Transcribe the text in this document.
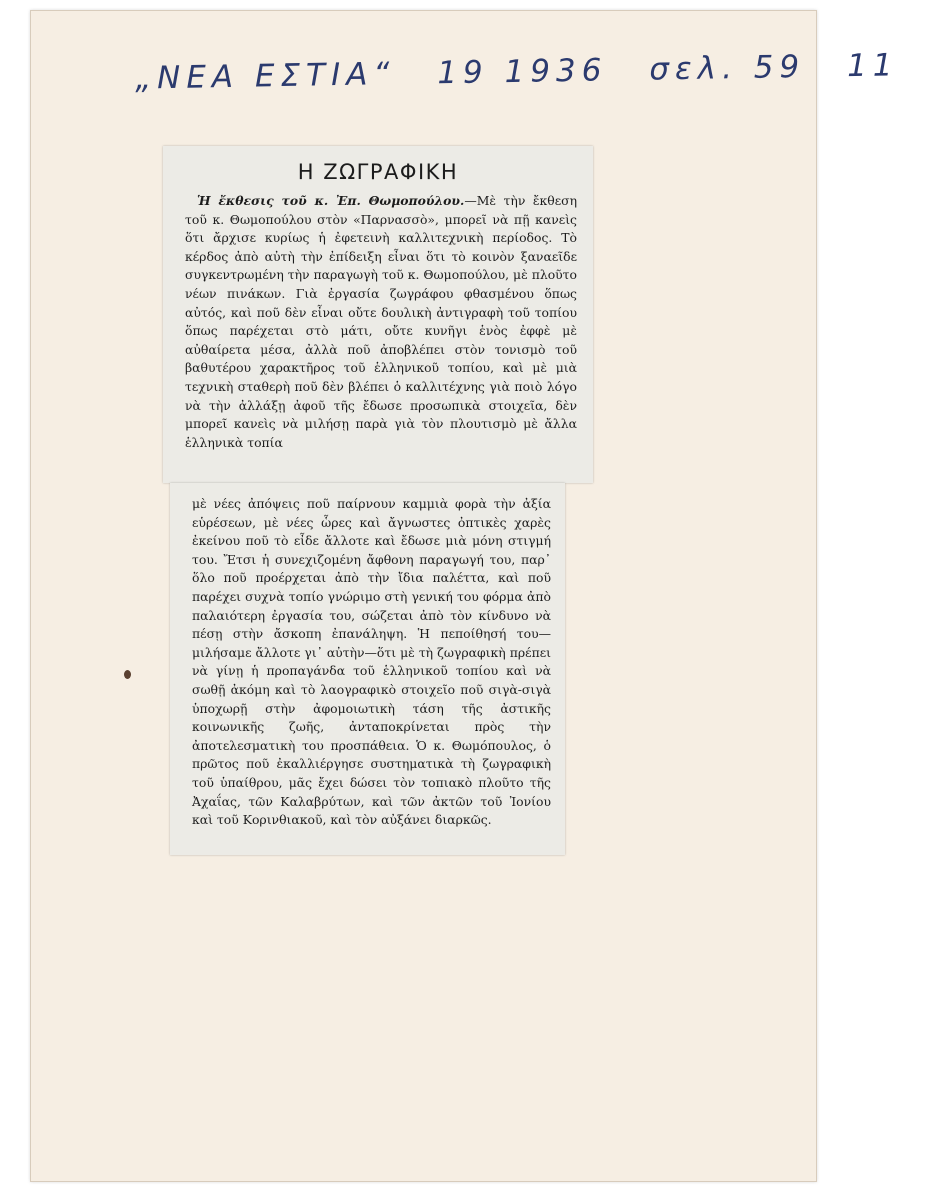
„ΝΕΑ ΕΣΤΙΑ“ 19 1936 σελ. 59 11
Η ΖΩΓΡΑΦΙΚΗ
Ἡ ἔκθεσις τοῦ κ. Ἐπ. Θωμοπούλου.—Μὲ τὴν ἔκθεση τοῦ κ. Θωμοπούλου στὸν «Παρνασσὸ», μπορεῖ νὰ πῇ κανεὶς ὅτι ἄρχισε κυρίως ἡ ἐφετεινὴ καλλιτεχνικὴ περίοδος. Τὸ κέρδος ἀπὸ αὐτὴ τὴν ἐπίδειξη εἶναι ὅτι τὸ κοινὸν ξαναεῖδε συγκεντρωμένη τὴν παραγωγὴ τοῦ κ. Θωμοπούλου, μὲ πλοῦτο νέων πινάκων. Γιὰ ἐργασία ζωγράφου φθασμένου ὅπως αὐτός, καὶ ποῦ δὲν εἶναι οὔτε δουλικὴ ἀντιγραφὴ τοῦ τοπίου ὅπως παρέχεται στὸ μάτι, οὔτε κυνῆγι ἑνὸς ἐφφὲ μὲ αὐθαίρετα μέσα, ἀλλὰ ποῦ ἀποβλέπει στὸν τονισμὸ τοῦ βαθυτέρου χαρακτῆρος τοῦ ἑλληνικοῦ τοπίου, καὶ μὲ μιὰ τεχνικὴ σταθερὴ ποῦ δὲν βλέπει ὁ καλλιτέχνης γιὰ ποιὸ λόγο νὰ τὴν ἀλλάξῃ ἀφοῦ τῆς ἔδωσε προσωπικὰ στοιχεῖα, δὲν μπορεῖ κανεὶς νὰ μιλήσῃ παρὰ γιὰ τὸν πλουτισμὸ μὲ ἄλλα ἑλληνικὰ τοπία
μὲ νέες ἀπόψεις ποῦ παίρνουν καμμιὰ φορὰ τὴν ἀξία εὑρέσεων, μὲ νέες ὧρες καὶ ἄγνωστες ὀπτικὲς χαρὲς ἐκείνου ποῦ τὸ εἶδε ἄλλοτε καὶ ἔδωσε μιὰ μόνη στιγμή του. Ἔτσι ἡ συνεχιζομένη ἄφθονη παραγωγή του, παρ᾽ ὅλο ποῦ προέρχεται ἀπὸ τὴν ἴδια παλέττα, καὶ ποῦ παρέχει συχνὰ τοπίο γνώριμο στὴ γενική του φόρμα ἀπὸ παλαιότερη ἐργασία του, σώζεται ἀπὸ τὸν κίνδυνο νὰ πέσῃ στὴν ἄσκοπη ἐπανάληψη. Ἡ πεποίθησή του—μιλήσαμε ἄλλοτε γι᾽ αὐτὴν—ὅτι μὲ τὴ ζωγραφικὴ πρέπει νὰ γίνῃ ἡ προπαγάνδα τοῦ ἑλληνικοῦ τοπίου καὶ νὰ σωθῇ ἀκόμη καὶ τὸ λαογραφικὸ στοιχεῖο ποῦ σιγὰ-σιγὰ ὑποχωρῇ στὴν ἀφομοιωτικὴ τάση τῆς ἀστικῆς κοινωνικῆς ζωῆς, ἀνταποκρίνεται πρὸς τὴν ἀποτελεσματικὴ του προσπάθεια. Ὁ κ. Θωμόπουλος, ὁ πρῶτος ποῦ ἐκαλλιέργησε συστηματικὰ τὴ ζωγραφικὴ τοῦ ὑπαίθρου, μᾶς ἔχει δώσει τὸν τοπιακὸ πλοῦτο τῆς Ἀχαΐας, τῶν Καλαβρύτων, καὶ τῶν ἀκτῶν τοῦ Ἰονίου καὶ τοῦ Κορινθιακοῦ, καὶ τὸν αὐξάνει διαρκῶς.
